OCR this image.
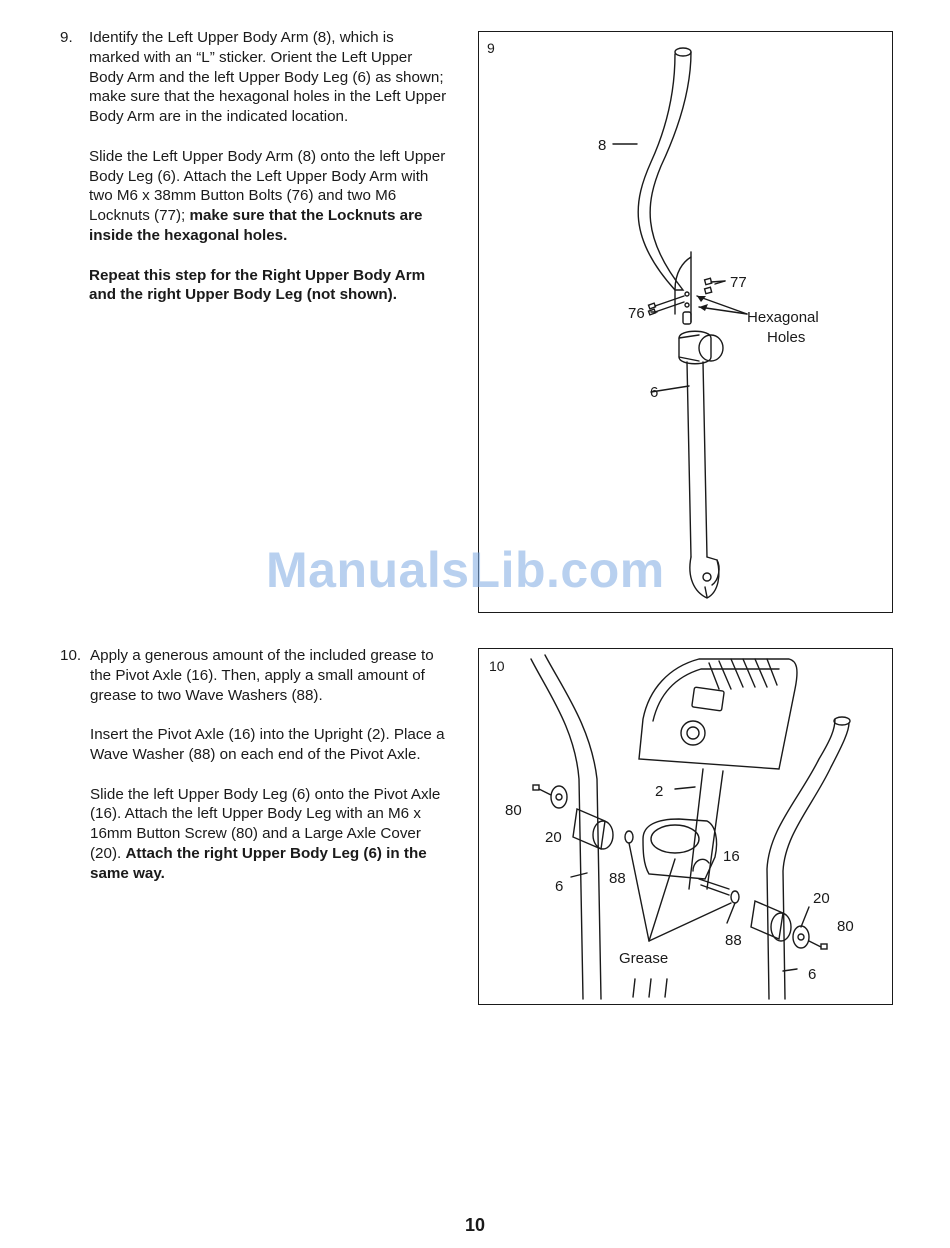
9. Identify the Left Upper Body Arm (8), which is marked with an “L” sticker. Orient the Left Upper Body Arm and the left Upper Body Leg (6) as shown; make sure that the hexagonal holes in the Left Upper Body Arm are in the indicated location.

Slide the Left Upper Body Arm (8) onto the left Upper Body Leg (6). Attach the Left Upper Body Arm with two M6 x 38mm Button Bolts (76) and two M6 Locknuts (77); make sure that the Locknuts are inside the hexagonal holes.

Repeat this step for the Right Upper Body Arm and the right Upper Body Leg (not shown).

9
8
77
76	Hexagonal
Holes
6
ManualsLib.com
10. Apply a generous amount of the included grease to the Pivot Axle (16). Then, apply a small amount of grease to two Wave Washers (88).

Insert the Pivot Axle (16) into the Upright (2). Place a Wave Washer (88) on each end of the Pivot Axle.

Slide the left Upper Body Leg (6) onto the Pivot Axle (16). Attach the left Upper Body Leg with an M6 x 16mm Button Screw (80) and a Large Axle Cover (20). Attach the right Upper Body Leg (6) in the same way.

10
80
20
6	88
2
16
20
80
88
6
Grease
10
